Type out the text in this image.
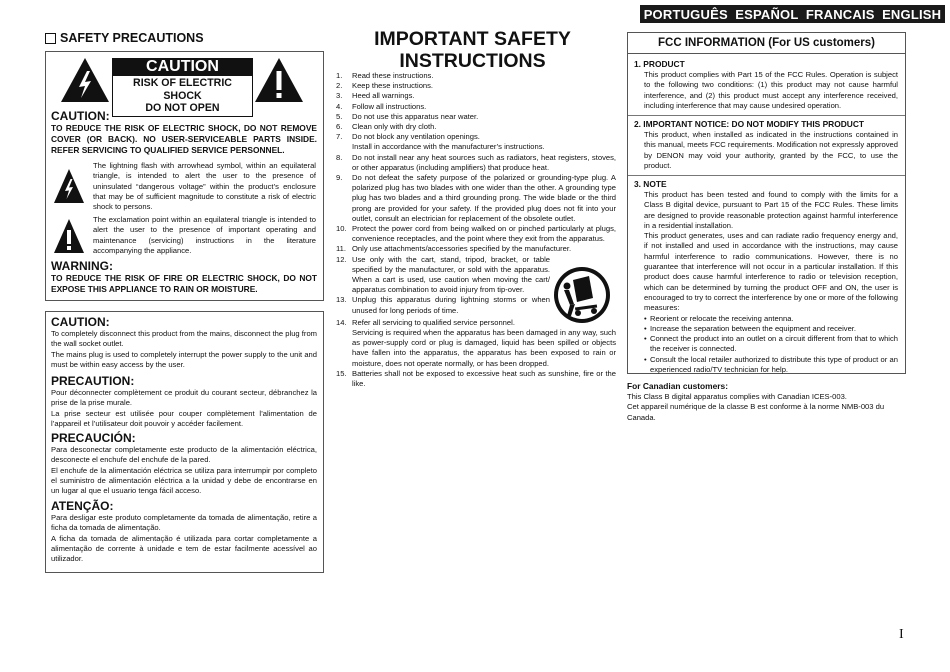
PORTUGUÊS ESPAÑOL FRANCAIS ENGLISH
SAFETY PRECAUTIONS
CAUTION
RISK OF ELECTRIC SHOCK
DO NOT OPEN
CAUTION:
TO REDUCE THE RISK OF ELECTRIC SHOCK, DO NOT REMOVE COVER (OR BACK). NO USER-SERVICEABLE PARTS INSIDE. REFER SERVICING TO QUALIFIED SERVICE PERSONNEL.
The lightning flash with arrowhead symbol, within an equilateral triangle, is intended to alert the user to the presence of uninsulated “dangerous voltage” within the product’s enclosure that may be of sufficient magnitude to constitute a risk of electric shock to persons.
The exclamation point within an equilateral triangle is intended to alert the user to the presence of important operating and maintenance (servicing) instructions in the literature accompanying the appliance.
WARNING:
TO REDUCE THE RISK OF FIRE OR ELECTRIC SHOCK, DO NOT EXPOSE THIS APPLIANCE TO RAIN OR MOISTURE.
CAUTION:
To completely disconnect this product from the mains, disconnect the plug from the wall socket outlet.
The mains plug is used to completely interrupt the power supply to the unit and must be within easy access by the user.
PRECAUTION:
Pour déconnecter complètement ce produit du courant secteur, débranchez la prise de la prise murale.
La prise secteur est utilisée pour couper complètement l’alimentation de l’appareil et l’utilisateur doit pouvoir y accéder facilement.
PRECAUCIÓN:
Para desconectar completamente este producto de la alimentación eléctrica, desconecte el enchufe del enchufe de la pared.
El enchufe de la alimentación eléctrica se utiliza para interrumpir por completo el suministro de alimentación eléctrica a la unidad y debe de encontrarse en un lugar al que el usuario tenga fácil acceso.
ATENÇÃO:
Para desligar este produto completamente da tomada de alimentação, retire a ficha da tomada de alimentação.
A ficha da tomada de alimentação é utilizada para cortar completamente a alimentação de corrente à unidade e tem de estar facilmente acessível ao utilizador.
IMPORTANT SAFETY
INSTRUCTIONS
1. Read these instructions.
2. Keep these instructions.
3. Heed all warnings.
4. Follow all instructions.
5. Do not use this apparatus near water.
6. Clean only with dry cloth.
7. Do not block any ventilation openings.
Install in accordance with the manufacturer’s instructions.
8. Do not install near any heat sources such as radiators, heat registers, stoves, or other apparatus (including amplifiers) that produce heat.
9. Do not defeat the safety purpose of the polarized or grounding-type plug. A polarized plug has two blades with one wider than the other. A grounding type plug has two blades and a third grounding prong. The wide blade or the third prong are provided for your safety. If the provided plug does not fit into your outlet, consult an electrician for replacement of the obsolete outlet.
10. Protect the power cord from being walked on or pinched particularly at plugs, convenience receptacles, and the point where they exit from the apparatus.
11. Only use attachments/accessories specified by the manufacturer.
12. Use only with the cart, stand, tripod, bracket, or table specified by the manufacturer, or sold with the apparatus. When a cart is used, use caution when moving the cart/ apparatus combination to avoid injury from tip-over.
13. Unplug this apparatus during lightning storms or when unused for long periods of time.
14. Refer all servicing to qualified service personnel.
Servicing is required when the apparatus has been damaged in any way, such as power-supply cord or plug is damaged, liquid has been spilled or objects have fallen into the apparatus, the apparatus has been exposed to rain or moisture, does not operate normally, or has been dropped.
15. Batteries shall not be exposed to excessive heat such as sunshine, fire or the like.
FCC INFORMATION (For US customers)
1. PRODUCT
This product complies with Part 15 of the FCC Rules. Operation is subject to the following two conditions: (1) this product may not cause harmful interference, and (2) this product must accept any interference received, including interference that may cause undesired operation.
2. IMPORTANT NOTICE: DO NOT MODIFY THIS PRODUCT
This product, when installed as indicated in the instructions contained in this manual, meets FCC requirements. Modification not expressly approved by DENON may void your authority, granted by the FCC, to use the product.
3. NOTE
This product has been tested and found to comply with the limits for a Class B digital device, pursuant to Part 15 of the FCC Rules. These limits are designed to provide reasonable protection against harmful interference in a residential installation.
This product generates, uses and can radiate radio frequency energy and, if not installed and used in accordance with the instructions, may cause harmful interference to radio communications. However, there is no guarantee that interference will not occur in a particular installation. If this product does cause harmful interference to radio or television reception, which can be determined by turning the product OFF and ON, the user is encouraged to try to correct the interference by one or more of the following measures:
• Reorient or relocate the receiving antenna.
• Increase the separation between the equipment and receiver.
• Connect the product into an outlet on a circuit different from that to which the receiver is connected.
• Consult the local retailer authorized to distribute this type of product or an experienced radio/TV technician for help.
For Canadian customers:
This Class B digital apparatus complies with Canadian ICES-003.
Cet appareil numérique de la classe B est conforme à la norme NMB-003 du Canada.
I
